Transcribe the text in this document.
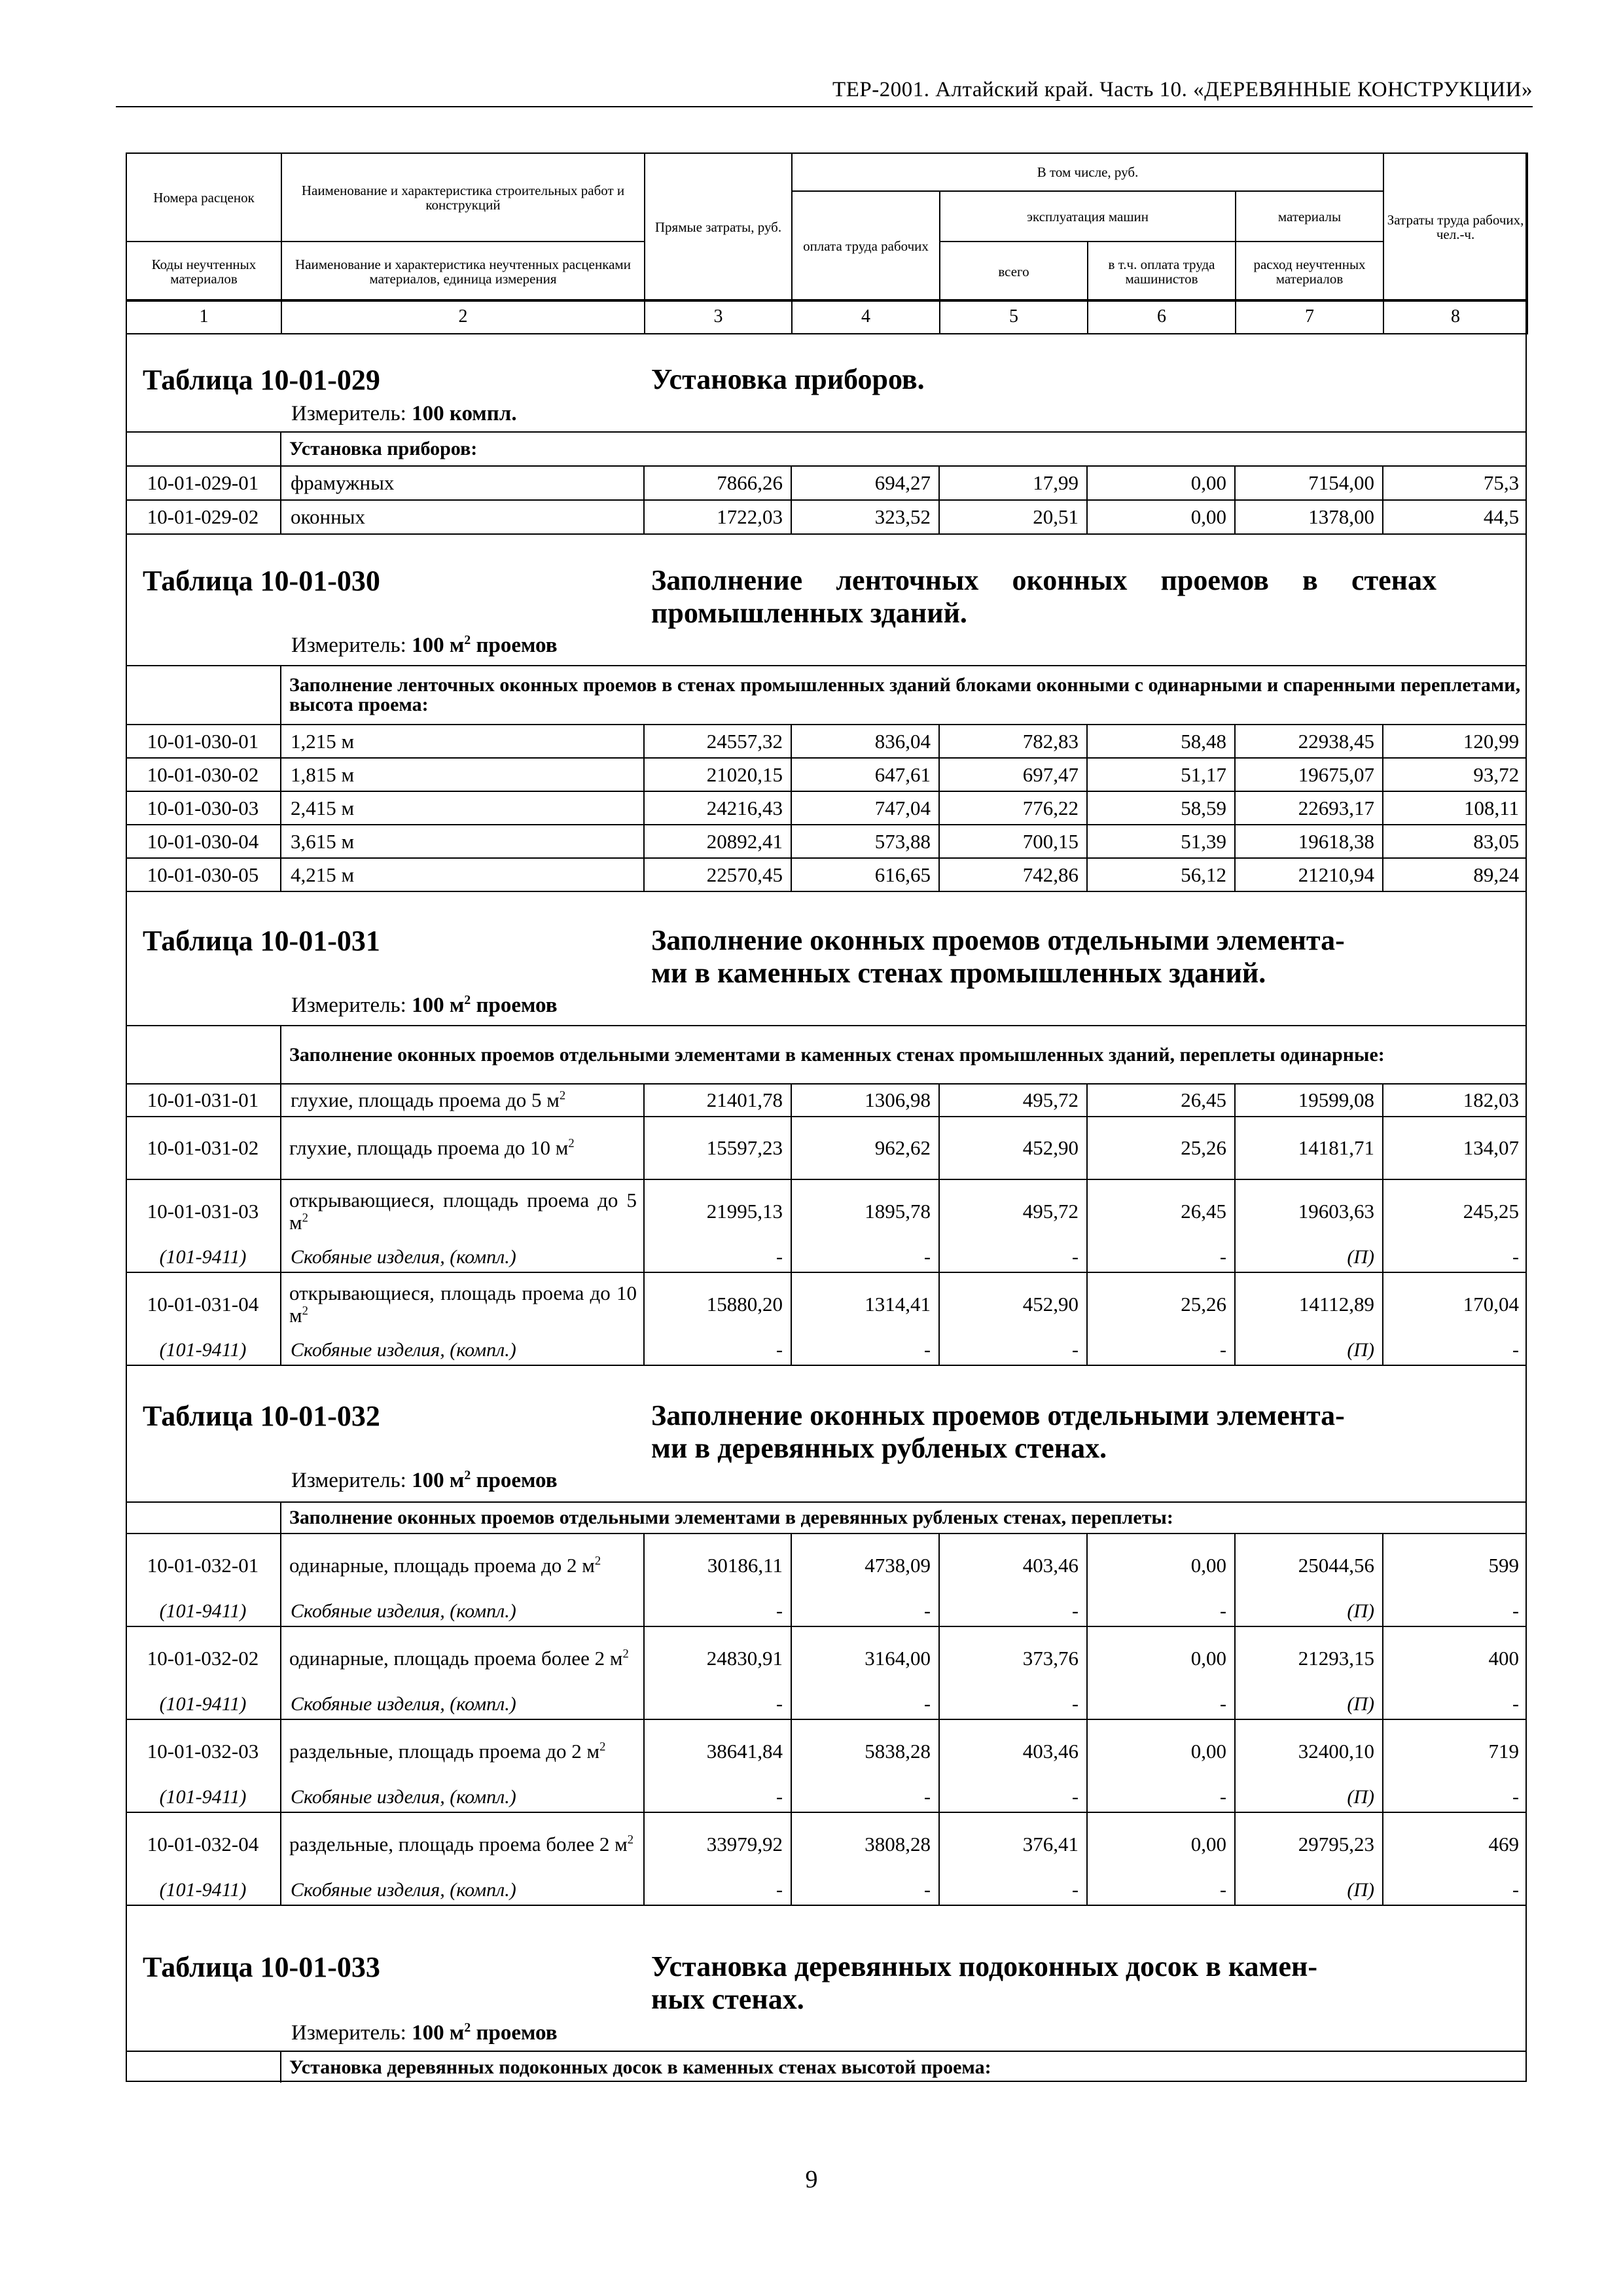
ТЕР-2001. Алтайский край. Часть 10. «ДЕРЕВЯННЫЕ КОНСТРУКЦИИ»
Номера расценок	Наименование и характеристика строительных работ и конструкций	Прямые затраты, руб.	В том числе, руб.				Затраты труда рабочих, чел.-ч.
			оплата труда рабочих	эксплуатация машин		материалы	
Коды неучтенных материалов	Наименование и характеристика неучтенных расценками материалов, единица измерения			всего	в т.ч. оплата труда машинистов	расход неучтенных материалов	
1	2	3	4	5	6	7	8
Таблица 10-01-029	Установка приборов.
Измеритель: 100 компл.
	Установка приборов:						
10-01-029-01	фрамужных	7866,26	694,27	17,99	0,00	7154,00	75,3
10-01-029-02	оконных	1722,03	323,52	20,51	0,00	1378,00	44,5
Таблица 10-01-030	Заполнение ленточных оконных проемов в стенах промышленных зданий.
Измеритель: 100 $м^2$ проемов
	Заполнение ленточных оконных проемов в стенах промышленных зданий блоками оконными с одинарными и спаренными переплетами, высота проема:						
10-01-030-01	1,215 м	24557,32	836,04	782,83	58,48	22938,45	120,99
10-01-030-02	1,815 м	21020,15	647,61	697,47	51,17	19675,07	93,72
10-01-030-03	2,415 м	24216,43	747,04	776,22	58,59	22693,17	108,11
10-01-030-04	3,615 м	20892,41	573,88	700,15	51,39	19618,38	83,05
10-01-030-05	4,215 м	22570,45	616,65	742,86	56,12	21210,94	89,24
Таблица 10-01-031	Заполнение оконных проемов отдельными элемента-
ми в каменных стенах промышленных зданий.
Измеритель: 100 $м^2$ проемов
	Заполнение оконных проемов отдельными элементами в каменных стенах промышленных зданий, переплеты одинарные:						
10-01-031-01	глухие, площадь проема до 5 $м^2$	21401,78	1306,98	495,72	26,45	19599,08	182,03
10-01-031-02	глухие, площадь проема до 10 $м^2$	15597,23	962,62	452,90	25,26	14181,71	134,07
10-01-031-03	открывающиеся, площадь проема до 5 $м^2$	21995,13	1895,78	495,72	26,45	19603,63	245,25
(101-9411)	Скобяные изделия, (компл.)	-	-	-	-	(П)	-
10-01-031-04	открывающиеся, площадь проема до 10 $м^2$	15880,20	1314,41	452,90	25,26	14112,89	170,04
(101-9411)	Скобяные изделия, (компл.)	-	-	-	-	(П)	-
Таблица 10-01-032	Заполнение оконных проемов отдельными элемента-
ми в деревянных рубленых стенах.
Измеритель: 100 $м^2$ проемов
	Заполнение оконных проемов отдельными элементами в деревянных рубленых стенах, переплеты:						
10-01-032-01	одинарные, площадь проема до 2 $м^2$	30186,11	4738,09	403,46	0,00	25044,56	599
(101-9411)	Скобяные изделия, (компл.)	-	-	-	-	(П)	-
10-01-032-02	одинарные, площадь проема более 2 $м^2$	24830,91	3164,00	373,76	0,00	21293,15	400
(101-9411)	Скобяные изделия, (компл.)	-	-	-	-	(П)	-
10-01-032-03	раздельные, площадь проема до 2 $м^2$	38641,84	5838,28	403,46	0,00	32400,10	719
(101-9411)	Скобяные изделия, (компл.)	-	-	-	-	(П)	-
10-01-032-04	раздельные, площадь проема более 2 $м^2$	33979,92	3808,28	376,41	0,00	29795,23	469
(101-9411)	Скобяные изделия, (компл.)	-	-	-	-	(П)	-
Таблица 10-01-033	Установка деревянных подоконных досок в камен-
ных стенах.
Измеритель: 100 $м^2$ проемов
	Установка деревянных подоконных досок в каменных стенах высотой проема:
9
